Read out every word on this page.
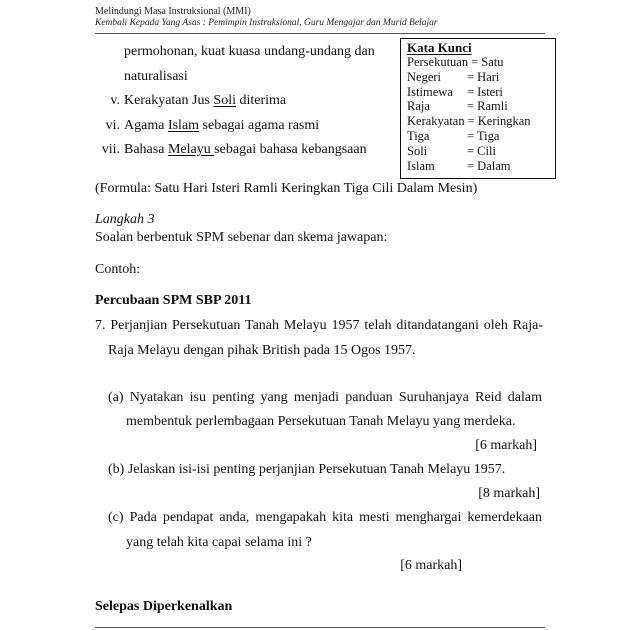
Melindungi Masa Instruksional (MMI)
Kembali Kepada Yang Asas : Pemimpin Instruksional, Guru Mengajar dan Murid Belajar
permohonan, kuat kuasa undang-undang dan
naturalisasi
v. Kerakyatan Jus Soli diterima
vi. Agama Islam sebagai agama rasmi
vii. Bahasa Melayu sebagai bahasa kebangsaan
Kata Kunci
Persekutuan = Satu
Negeri = Hari
Istimewa = Isteri
Raja	= Ramli
Kerakyatan = Keringkan
Tiga	= Tiga
Soli	= Cili
Islam	= Dalam
(Formula: Satu Hari Isteri Ramli Keringkan Tiga Cili Dalam Mesin)
Langkah 3
Soalan berbentuk SPM sebenar dan skema jawapan:
Contoh:
Percubaan SPM SBP 2011
7. Perjanjian Persekutuan Tanah Melayu 1957 telah ditandatangani oleh Raja-
Raja Melayu dengan pihak British pada 15 Ogos 1957.
(a) Nyatakan isu penting yang menjadi panduan Suruhanjaya Reid dalam
membentuk perlembagaan Persekutuan Tanah Melayu yang merdeka.
[6 markah]
(b) Jelaskan isi-isi penting perjanjian Persekutuan Tanah Melayu 1957.
[8 markah]
(c) Pada pendapat anda, mengapakah kita mesti menghargai kemerdekaan
yang telah kita capai selama ini ?
[6 markah]
Selepas Diperkenalkan
